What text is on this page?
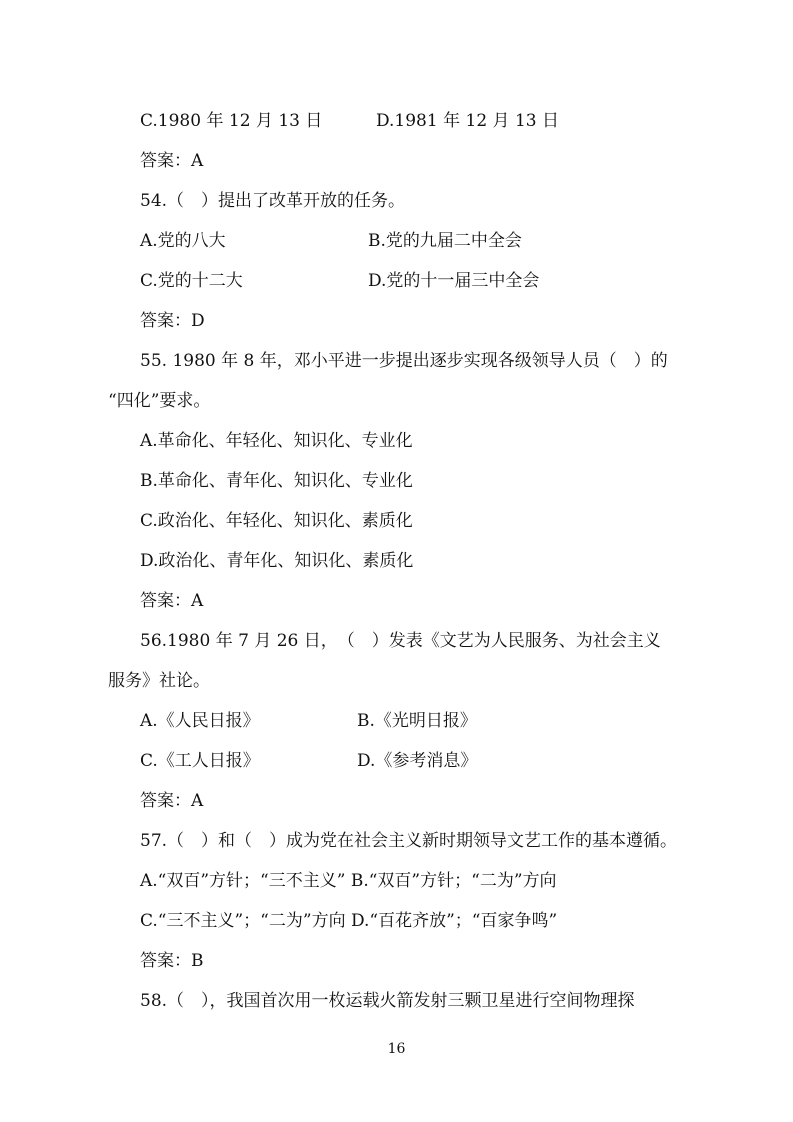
C.1980 年 12 月 13 日	D.1981 年 12 月 13 日
答案：A
54.（　）提出了改革开放的任务。
A.党的八大	B.党的九届二中全会
C.党的十二大	D.党的十一届三中全会
答案：D
55. 1980 年 8 年，邓小平进一步提出逐步实现各级领导人员（　）的
“四化”要求。
A.革命化、年轻化、知识化、专业化
B.革命化、青年化、知识化、专业化
C.政治化、年轻化、知识化、素质化
D.政治化、青年化、知识化、素质化
答案：A
56.1980 年 7 月 26 日，　（　）发表《文艺为人民服务、为社会主义
服务》社论。
A.《人民日报》	B.《光明日报》
C.《工人日报》	D.《参考消息》
答案：A
57.（　）和（　）成为党在社会主义新时期领导文艺工作的基本遵循。
A.“双百”方针；“三不主义” B.“双百”方针；“二为”方向
C.“三不主义”；“二为”方向 D.“百花齐放”；“百家争鸣”
答案：B
58.（　），我国首次用一枚运载火箭发射三颗卫星进行空间物理探
16
